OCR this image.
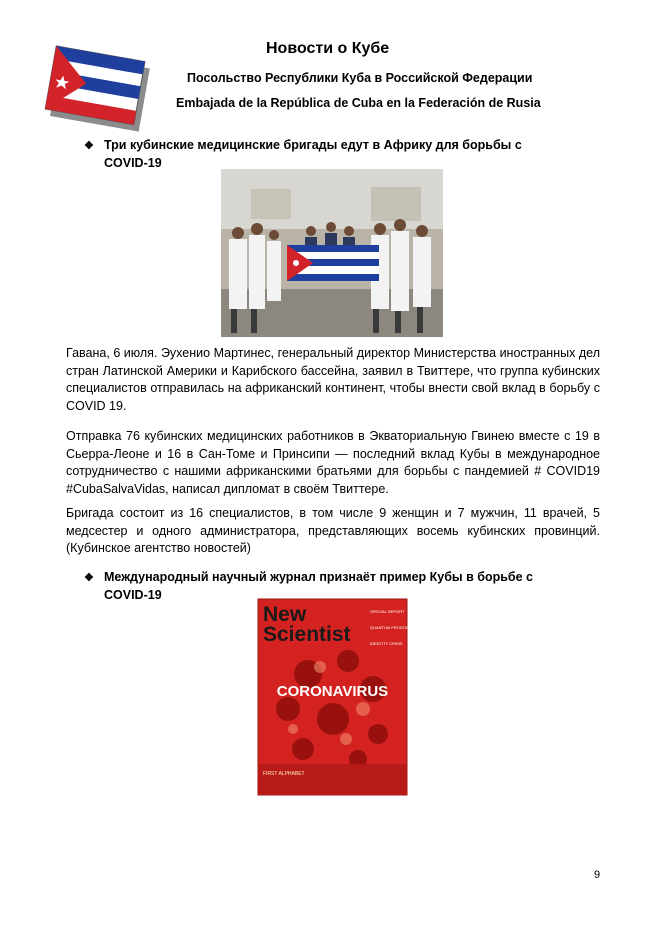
Новости о Кубе
Посольство Республики Куба в Российской Федерации
Embajada de la República de Cuba en la Federación de Rusia
❖ Три кубинские медицинские бригады едут в Африку для борьбы с
COVID-19

Гавана, 6 июля. Эухенио Мартинес, генеральный директор Министерства иностранных дел стран Латинской Америки и Карибского бассейна, заявил в Твиттере, что группа кубинских специалистов отправилась на африканский континент, чтобы внести свой вклад в борьбу с COVID 19.

Отправка 76 кубинских медицинских работников в Экваториальную Гвинею вместе с 19 в Сьерра-Леоне и 16 в Сан-Томе и Принсипи — последний вклад Кубы в международное сотрудничество с нашими африканскими братьями для борьбы с пандемией # COVID19 #CubaSalvaVidas, написал дипломат в своём Твиттере.

Бригада состоит из 16 специалистов, в том числе 9 женщин и 7 мужчин, 11 врачей, 5 медсестер и одного администратора, представляющих восемь кубинских провинций. (Кубинское агентство новостей)

❖ Международный научный журнал признаёт пример Кубы в борьбе с
COVID-19
New
Scientist
SPECIAL REPORT
QUANTUM FRONTIER
IDENTITY CRISIS
CORONAVIRUS
FIRST ALPHABET
9
